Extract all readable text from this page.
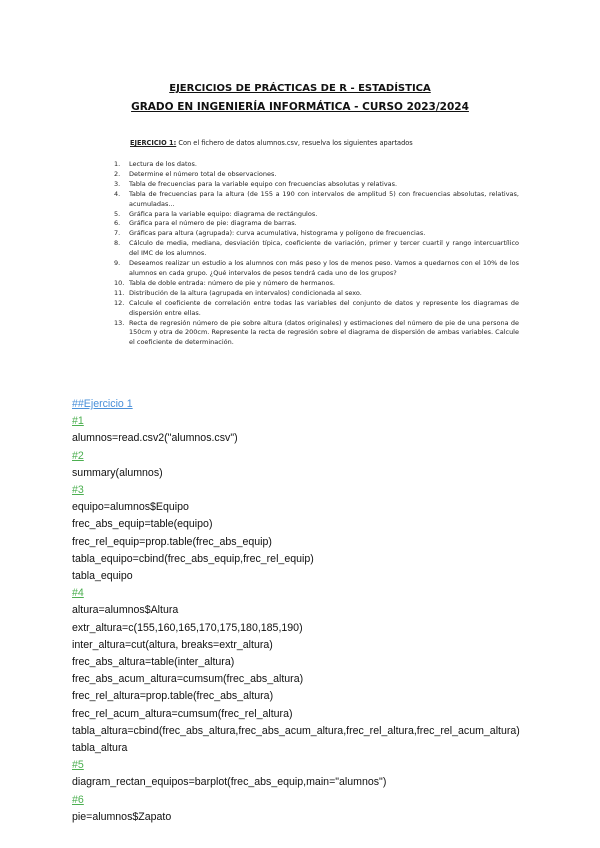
EJERCICIOS DE PRÁCTICAS DE R - ESTADÍSTICA
GRADO EN INGENIERÍA INFORMÁTICA - CURSO 2023/2024
EJERCICIO 1: Con el fichero de datos alumnos.csv, resuelva los siguientes apartados
1.	Lectura de los datos.
2.	Determine el número total de observaciones.
3.	Tabla de frecuencias para la variable equipo con frecuencias absolutas y relativas.
4.	Tabla de frecuencias para la altura (de 155 a 190 con intervalos de amplitud 5) con frecuencias absolutas, relativas, acumuladas...
5.	Gráfica para la variable equipo: diagrama de rectángulos.
6.	Gráfica para el número de pie: diagrama de barras.
7.	Gráficas para altura (agrupada): curva acumulativa, histograma y polígono de frecuencias.
8.	Cálculo de media, mediana, desviación típica, coeficiente de variación, primer y tercer cuartil y rango intercuartílico del IMC de los alumnos.
9.	Deseamos realizar un estudio a los alumnos con más peso y los de menos peso. Vamos a quedarnos con el 10% de los alumnos en cada grupo. ¿Qué intervalos de pesos tendrá cada uno de los grupos?
10. Tabla de doble entrada: número de pie y número de hermanos.
11. Distribución de la altura (agrupada en intervalos) condicionada al sexo.
12. Calcule el coeficiente de correlación entre todas las variables del conjunto de datos y represente los diagramas de dispersión entre ellas.
13. Recta de regresión número de pie sobre altura (datos originales) y estimaciones del número de pie de una persona de 150cm y otra de 200cm. Represente la recta de regresión sobre el diagrama de dispersión de ambas variables. Calcule el coeficiente de determinación.
##Ejercicio 1
#1
alumnos=read.csv2("alumnos.csv")
#2
summary(alumnos)
#3
equipo=alumnos$Equipo
frec_abs_equip=table(equipo)
frec_rel_equip=prop.table(frec_abs_equip)
tabla_equipo=cbind(frec_abs_equip,frec_rel_equip)
tabla_equipo
#4
altura=alumnos$Altura
extr_altura=c(155,160,165,170,175,180,185,190)
inter_altura=cut(altura, breaks=extr_altura)
frec_abs_altura=table(inter_altura)
frec_abs_acum_altura=cumsum(frec_abs_altura)
frec_rel_altura=prop.table(frec_abs_altura)
frec_rel_acum_altura=cumsum(frec_rel_altura)
tabla_altura=cbind(frec_abs_altura,frec_abs_acum_altura,frec_rel_altura,frec_rel_acum_altura)
tabla_altura
#5
diagram_rectan_equipos=barplot(frec_abs_equip,main="alumnos")
#6
pie=alumnos$Zapato
